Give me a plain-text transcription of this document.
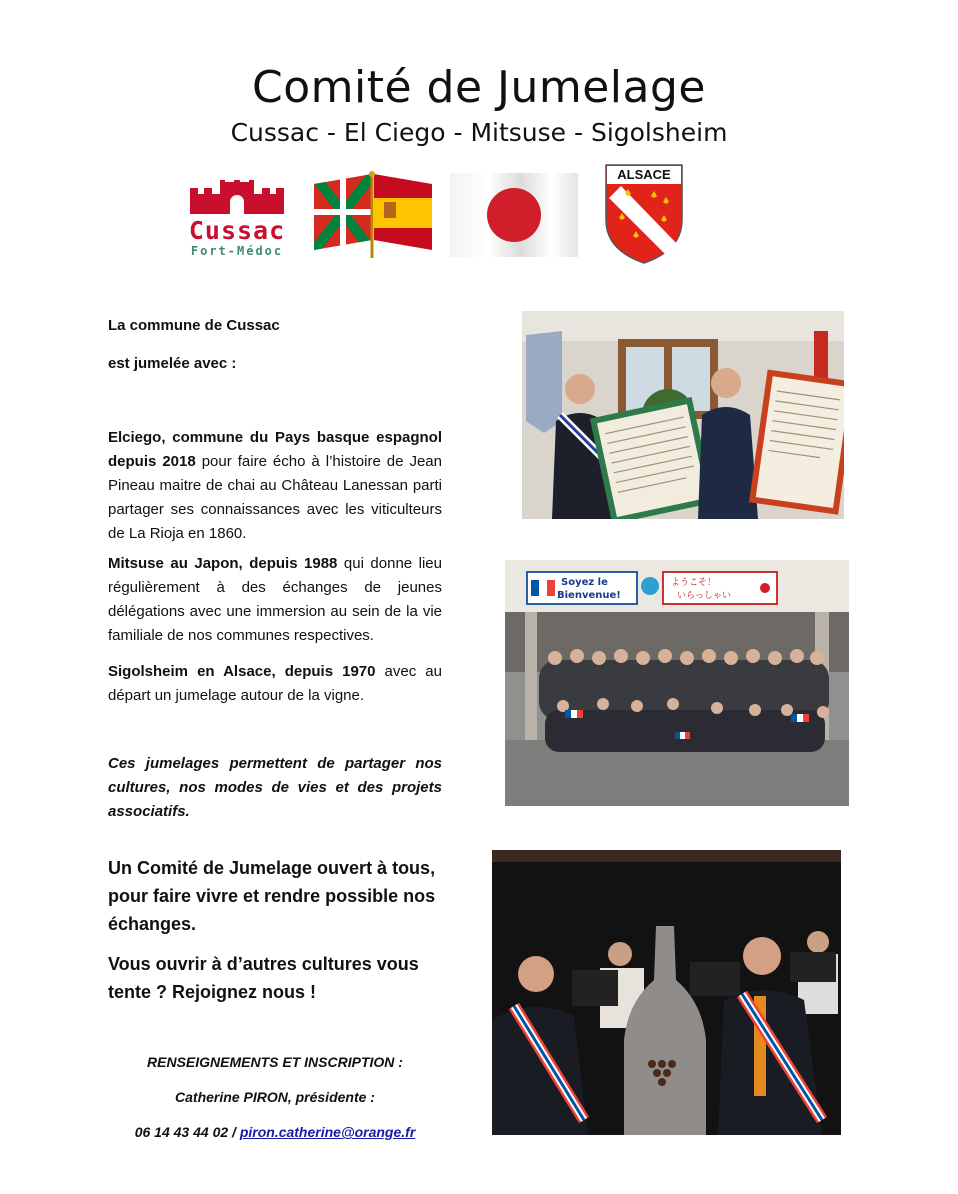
Comité de Jumelage
Cussac - El Ciego - Mitsuse - Sigolsheim
Cussac
Fort-Médoc
ALSACE
La commune de Cussac
est jumelée avec :

Elciego, commune du Pays basque espagnol depuis 2018 pour faire écho à l’histoire de Jean Pineau maitre de chai au Château Lanessan parti partager ses connaissances avec les viticulteurs de La Rioja en 1860.

Mitsuse au Japon, depuis 1988 qui donne lieu régulièrement à des échanges de jeunes délégations avec une immersion au sein de la vie familiale de nos communes respectives.

Sigolsheim en Alsace, depuis 1970 avec au départ un jumelage autour de la vigne.

Ces jumelages permettent de partager nos cultures, nos modes de vies et des projets associatifs.

Un Comité de Jumelage ouvert à tous, pour faire vivre et rendre possible nos échanges.

Vous ouvrir à d’autres cultures vous tente ? Rejoignez nous !

RENSEIGNEMENTS ET INSCRIPTION :
Catherine PIRON, présidente :
06 14 43 44 02 / piron.catherine@orange.fr
Soyez le
Bienvenue!
ようこそ！
いらっしゃい
